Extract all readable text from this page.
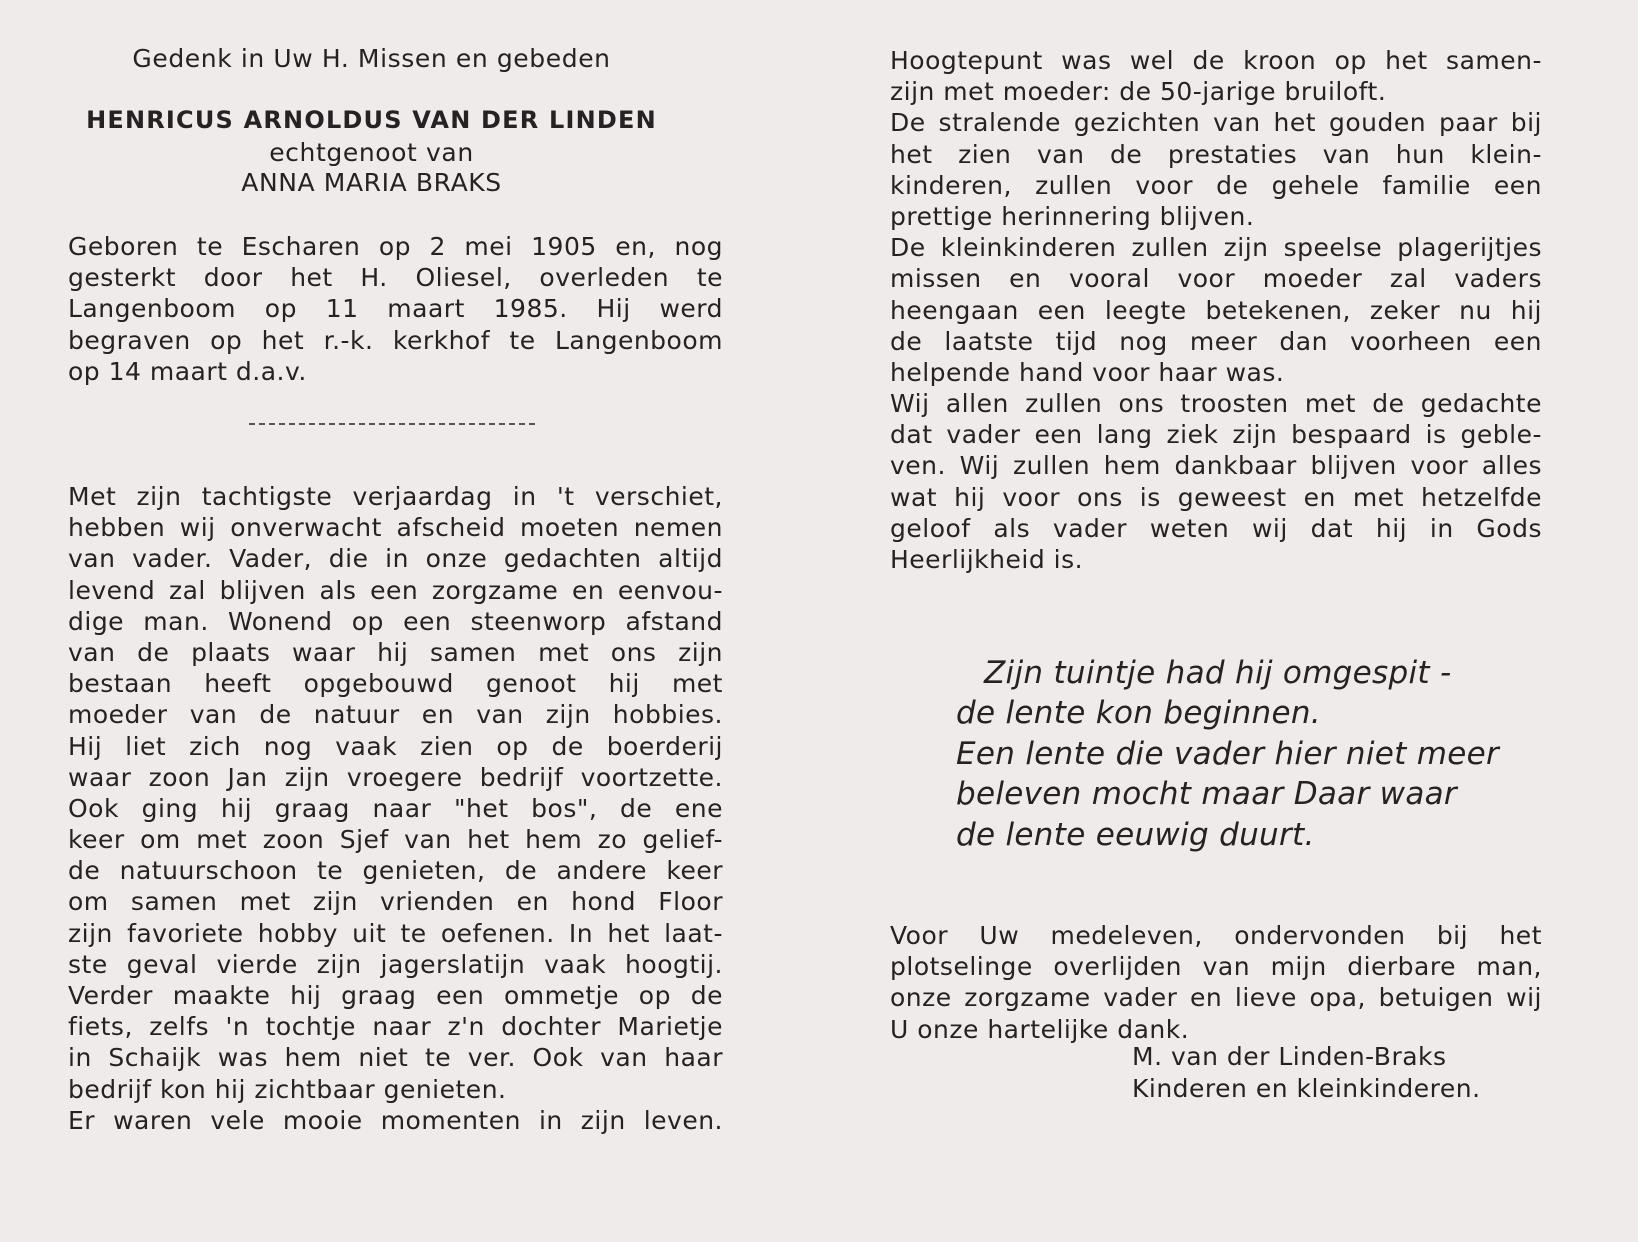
Gedenk in Uw H. Missen en gebeden
HENRICUS ARNOLDUS VAN DER LINDEN
echtgenoot van
ANNA MARIA BRAKS
Geboren te Escharen op 2 mei 1905 en, nog
gesterkt door het H. Oliesel, overleden te
Langenboom op 11 maart 1985. Hij werd
begraven op het r.-k. kerkhof te Langenboom
op 14 maart d.a.v.
Met zijn tachtigste verjaardag in 't verschiet,
hebben wij onverwacht afscheid moeten nemen
van vader. Vader, die in onze gedachten altijd
levend zal blijven als een zorgzame en eenvou-
dige man. Wonend op een steenworp afstand
van de plaats waar hij samen met ons zijn
bestaan heeft opgebouwd genoot hij met
moeder van de natuur en van zijn hobbies.
Hij liet zich nog vaak zien op de boerderij
waar zoon Jan zijn vroegere bedrijf voortzette.
Ook ging hij graag naar "het bos", de ene
keer om met zoon Sjef van het hem zo gelief-
de natuurschoon te genieten, de andere keer
om samen met zijn vrienden en hond Floor
zijn favoriete hobby uit te oefenen. In het laat-
ste geval vierde zijn jagerslatijn vaak hoogtij.
Verder maakte hij graag een ommetje op de
fiets, zelfs 'n tochtje naar z'n dochter Marietje
in Schaijk was hem niet te ver. Ook van haar
bedrijf kon hij zichtbaar genieten.
Er waren vele mooie momenten in zijn leven.
Hoogtepunt was wel de kroon op het samen-
zijn met moeder: de 50-jarige bruiloft.
De stralende gezichten van het gouden paar bij
het zien van de prestaties van hun klein-
kinderen, zullen voor de gehele familie een
prettige herinnering blijven.
De kleinkinderen zullen zijn speelse plagerijtjes
missen en vooral voor moeder zal vaders
heengaan een leegte betekenen, zeker nu hij
de laatste tijd nog meer dan voorheen een
helpende hand voor haar was.
Wij allen zullen ons troosten met de gedachte
dat vader een lang ziek zijn bespaard is geble-
ven. Wij zullen hem dankbaar blijven voor alles
wat hij voor ons is geweest en met hetzelfde
geloof als vader weten wij dat hij in Gods
Heerlijkheid is.
Zijn tuintje had hij omgespit -
de lente kon beginnen.
Een lente die vader hier niet meer
beleven mocht maar Daar waar
de lente eeuwig duurt.
Voor Uw medeleven, ondervonden bij het
plotselinge overlijden van mijn dierbare man,
onze zorgzame vader en lieve opa, betuigen wij
U onze hartelijke dank.
M. van der Linden-Braks
Kinderen en kleinkinderen.
